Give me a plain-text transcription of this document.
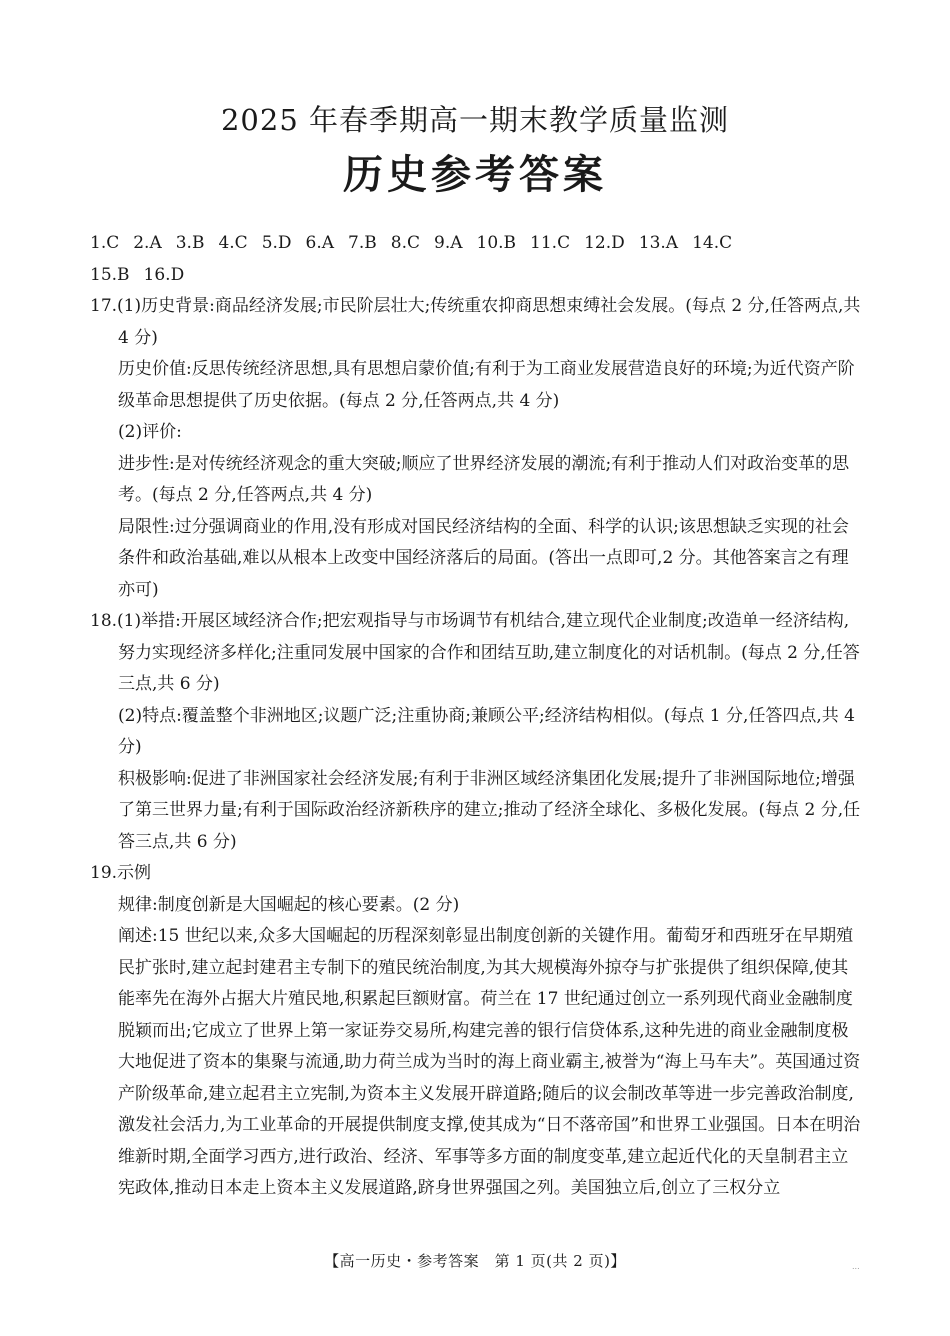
2025 年春季期高一期末教学质量监测
历史参考答案

1.C 2.A 3.B 4.C 5.D 6.A 7.B 8.C 9.A 10.B 11.C 12.D 13.A 14.C

15.B 16.D

17.(1)历史背景:商品经济发展;市民阶层壮大;传统重农抑商思想束缚社会发展。(每点 2 分,任答两点,共 4 分)

历史价值:反思传统经济思想,具有思想启蒙价值;有利于为工商业发展营造良好的环境;为近代资产阶级革命思想提供了历史依据。(每点 2 分,任答两点,共 4 分)

(2)评价:

进步性:是对传统经济观念的重大突破;顺应了世界经济发展的潮流;有利于推动人们对政治变革的思考。(每点 2 分,任答两点,共 4 分)

局限性:过分强调商业的作用,没有形成对国民经济结构的全面、科学的认识;该思想缺乏实现的社会条件和政治基础,难以从根本上改变中国经济落后的局面。(答出一点即可,2 分。其他答案言之有理亦可)

18.(1)举措:开展区域经济合作;把宏观指导与市场调节有机结合,建立现代企业制度;改造单一经济结构,努力实现经济多样化;注重同发展中国家的合作和团结互助,建立制度化的对话机制。(每点 2 分,任答三点,共 6 分)

(2)特点:覆盖整个非洲地区;议题广泛;注重协商;兼顾公平;经济结构相似。(每点 1 分,任答四点,共 4 分)

积极影响:促进了非洲国家社会经济发展;有利于非洲区域经济集团化发展;提升了非洲国际地位;增强了第三世界力量;有利于国际政治经济新秩序的建立;推动了经济全球化、多极化发展。(每点 2 分,任答三点,共 6 分)

19.示例

规律:制度创新是大国崛起的核心要素。(2 分)

阐述:15 世纪以来,众多大国崛起的历程深刻彰显出制度创新的关键作用。葡萄牙和西班牙在早期殖民扩张时,建立起封建君主专制下的殖民统治制度,为其大规模海外掠夺与扩张提供了组织保障,使其能率先在海外占据大片殖民地,积累起巨额财富。荷兰在 17 世纪通过创立一系列现代商业金融制度脱颖而出;它成立了世界上第一家证券交易所,构建完善的银行信贷体系,这种先进的商业金融制度极大地促进了资本的集聚与流通,助力荷兰成为当时的海上商业霸主,被誉为“海上马车夫”。英国通过资产阶级革命,建立起君主立宪制,为资本主义发展开辟道路;随后的议会制改革等进一步完善政治制度,激发社会活力,为工业革命的开展提供制度支撑,使其成为“日不落帝国”和世界工业强国。日本在明治维新时期,全面学习西方,进行政治、经济、军事等多方面的制度变革,建立起近代化的天皇制君主立宪政体,推动日本走上资本主义发展道路,跻身世界强国之列。美国独立后,创立了三权分立

【高一历史・参考答案　第 1 页(共 2 页)】	...
